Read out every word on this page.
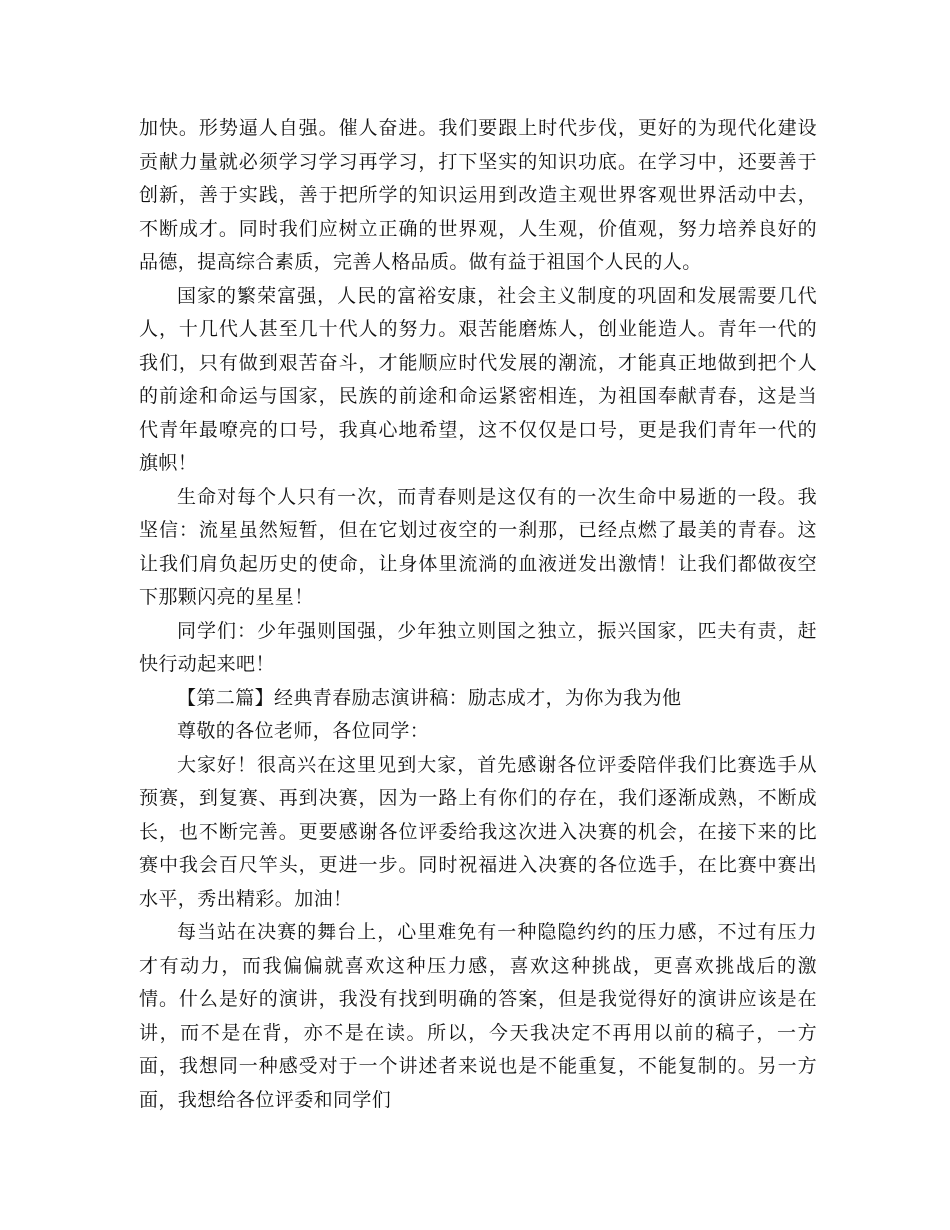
加快。形势逼人自强。催人奋进。我们要跟上时代步伐，更好的为现代化建设贡献力量就必须学习学习再学习，打下坚实的知识功底。在学习中，还要善于创新，善于实践，善于把所学的知识运用到改造主观世界客观世界活动中去，不断成才。同时我们应树立正确的世界观，人生观，价值观，努力培养良好的品德，提高综合素质，完善人格品质。做有益于祖国个人民的人。

国家的繁荣富强，人民的富裕安康，社会主义制度的巩固和发展需要几代人，十几代人甚至几十代人的努力。艰苦能磨炼人，创业能造人。青年一代的我们，只有做到艰苦奋斗，才能顺应时代发展的潮流，才能真正地做到把个人的前途和命运与国家，民族的前途和命运紧密相连，为祖国奉献青春，这是当代青年最嘹亮的口号，我真心地希望，这不仅仅是口号，更是我们青年一代的旗帜！

生命对每个人只有一次，而青春则是这仅有的一次生命中易逝的一段。我坚信：流星虽然短暂，但在它划过夜空的一刹那，已经点燃了最美的青春。这让我们肩负起历史的使命，让身体里流淌的血液迸发出激情！让我们都做夜空下那颗闪亮的星星！

同学们：少年强则国强，少年独立则国之独立，振兴国家，匹夫有责，赶快行动起来吧！

【第二篇】经典青春励志演讲稿：励志成才，为你为我为他

尊敬的各位老师，各位同学：

大家好！很高兴在这里见到大家，首先感谢各位评委陪伴我们比赛选手从预赛，到复赛、再到决赛，因为一路上有你们的存在，我们逐渐成熟，不断成长，也不断完善。更要感谢各位评委给我这次进入决赛的机会，在接下来的比赛中我会百尺竿头，更进一步。同时祝福进入决赛的各位选手，在比赛中赛出水平，秀出精彩。加油！

每当站在决赛的舞台上，心里难免有一种隐隐约约的压力感，不过有压力才有动力，而我偏偏就喜欢这种压力感，喜欢这种挑战，更喜欢挑战后的激情。什么是好的演讲，我没有找到明确的答案，但是我觉得好的演讲应该是在讲，而不是在背，亦不是在读。所以，今天我决定不再用以前的稿子，一方面，我想同一种感受对于一个讲述者来说也是不能重复，不能复制的。另一方面，我想给各位评委和同学们
